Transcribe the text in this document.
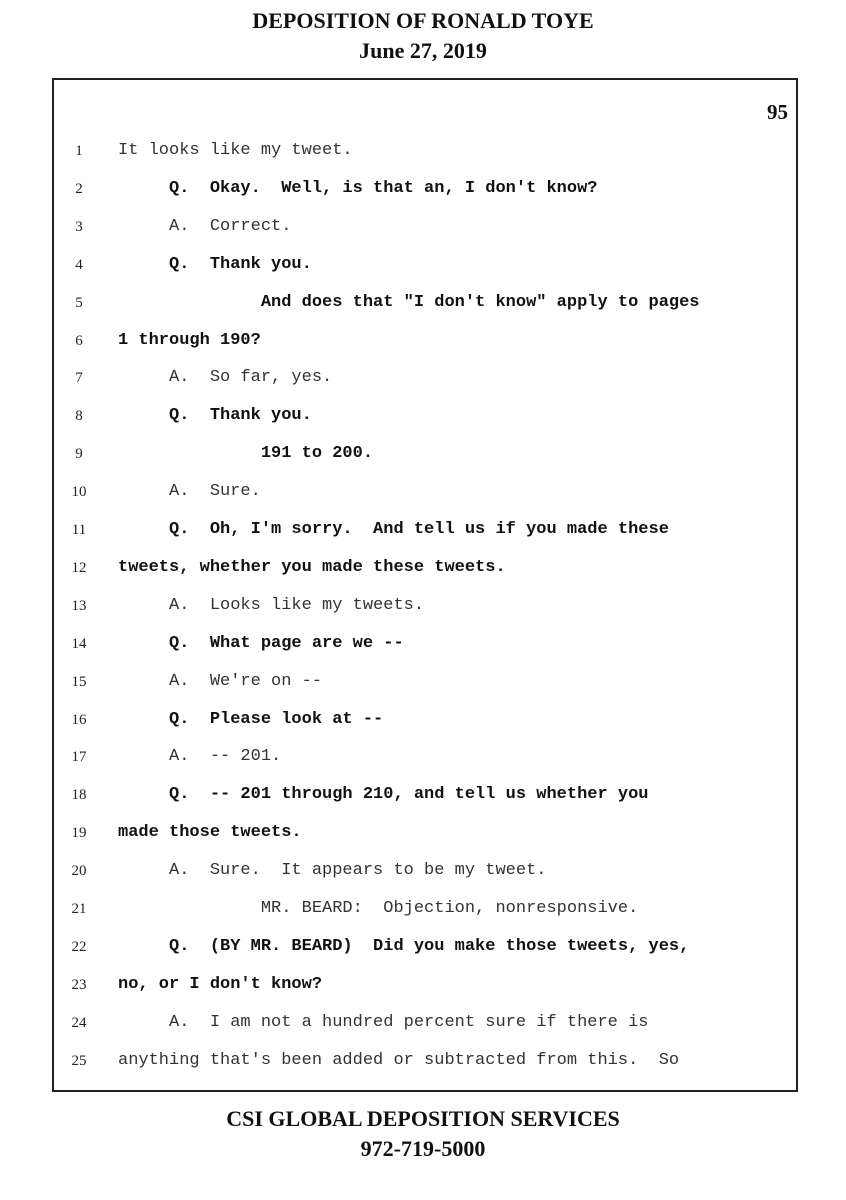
DEPOSITION OF RONALD TOYE
June 27, 2019
95
1	It looks like my tweet.
2	Q.  Okay.  Well, is that an, I don't know?
3	A.  Correct.
4	Q.  Thank you.
5	And does that "I don't know" apply to pages
6	1 through 190?
7	A.  So far, yes.
8	Q.  Thank you.
9	191 to 200.
10	A.  Sure.
11	Q.  Oh, I'm sorry.  And tell us if you made these
12	tweets, whether you made these tweets.
13	A.  Looks like my tweets.
14	Q.  What page are we --
15	A.  We're on --
16	Q.  Please look at --
17	A.  -- 201.
18	Q.  -- 201 through 210, and tell us whether you
19	made those tweets.
20	A.  Sure.  It appears to be my tweet.
21	MR. BEARD:  Objection, nonresponsive.
22	Q.  (BY MR. BEARD)  Did you make those tweets, yes,
23	no, or I don't know?
24	A.  I am not a hundred percent sure if there is
25	anything that's been added or subtracted from this.  So
CSI GLOBAL DEPOSITION SERVICES
972-719-5000
